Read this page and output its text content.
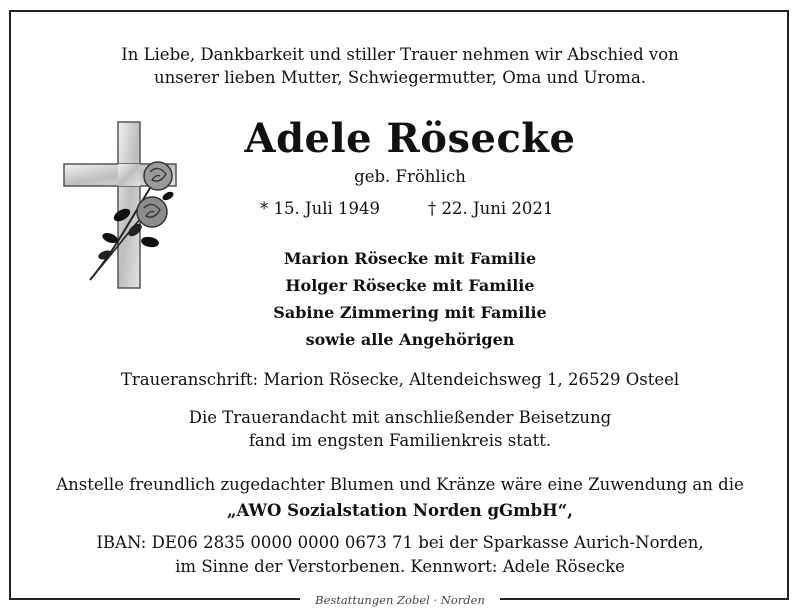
In Liebe, Dankbarkeit und stiller Trauer nehmen wir Abschied von
unserer lieben Mutter, Schwiegermutter, Oma und Uroma.
Adele Rösecke
geb. Fröhlich
* 15. Juli 1949	† 22. Juni 2021
Marion Rösecke mit Familie
Holger Rösecke mit Familie
Sabine Zimmering mit Familie
sowie alle Angehörigen
Traueranschrift: Marion Rösecke, Altendeichsweg 1, 26529 Osteel
Die Trauerandacht mit anschließender Beisetzung
fand im engsten Familienkreis statt.
Anstelle freundlich zugedachter Blumen und Kränze wäre eine Zuwendung an die
„AWO Sozialstation Norden gGmbH“,
IBAN: DE06 2835 0000 0000 0673 71 bei der Sparkasse Aurich-Norden,
im Sinne der Verstorbenen. Kennwort: Adele Rösecke
Bestattungen Zobel · Norden
